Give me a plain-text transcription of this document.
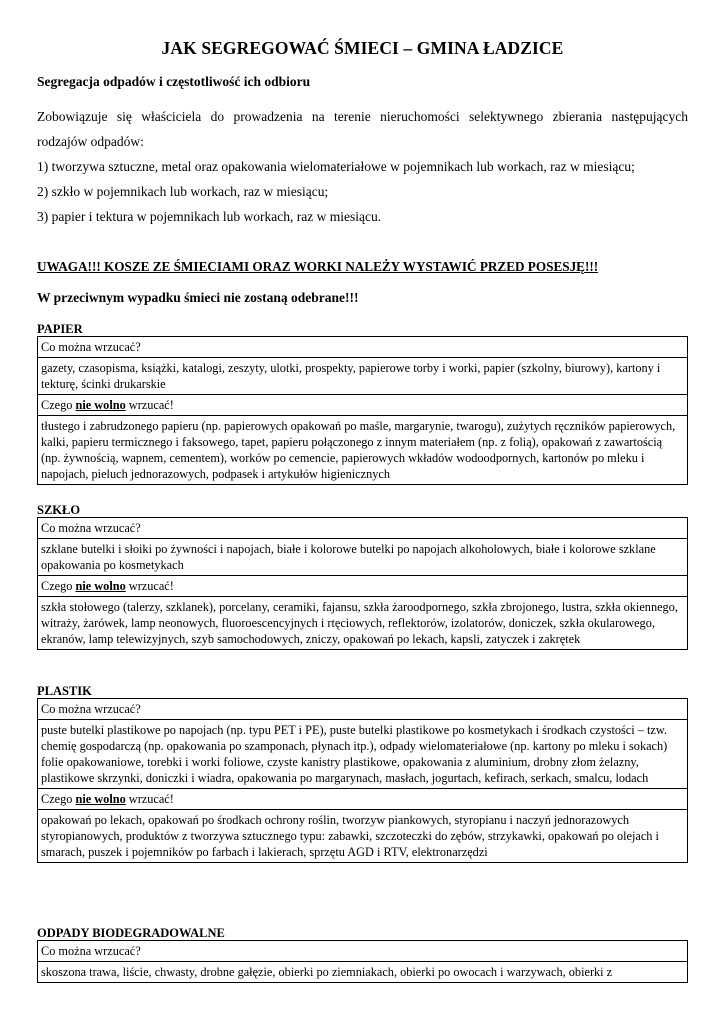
JAK SEGREGOWAĆ ŚMIECI – GMINA ŁADZICE
Segregacja odpadów i częstotliwość ich odbioru

Zobowiązuje się właściciela do prowadzenia na terenie nieruchomości selektywnego zbierania następujących

rodzajów odpadów:

1) tworzywa sztuczne, metal oraz opakowania wielomateriałowe w pojemnikach lub workach, raz w miesiącu;

2) szkło w pojemnikach lub workach, raz w miesiącu;

3) papier i tektura w pojemnikach lub workach, raz w miesiącu.

UWAGA!!! KOSZE ZE ŚMIECIAMI ORAZ WORKI NALEŻY WYSTAWIĆ PRZED POSESJĘ!!!
W przeciwnym wypadku śmieci nie zostaną odebrane!!!
PAPIER
Co można wrzucać?
gazety, czasopisma, książki, katalogi, zeszyty, ulotki, prospekty, papierowe torby i worki, papier (szkolny, biurowy), kartony i tekturę, ścinki drukarskie
Czego nie wolno wrzucać!
tłustego i zabrudzonego papieru (np. papierowych opakowań po maśle, margarynie, twarogu), zużytych ręczników papierowych, kalki, papieru termicznego i faksowego, tapet, papieru połączonego z innym materiałem (np. z folią), opakowań z zawartością (np. żywnością, wapnem, cementem), worków po cemencie, papierowych wkładów wodoodpornych, kartonów po mleku i napojach, pieluch jednorazowych, podpasek i artykułów higienicznych
SZKŁO
Co można wrzucać?
szklane butelki i słoiki po żywności i napojach, białe i kolorowe butelki po napojach alkoholowych, białe i kolorowe szklane opakowania po kosmetykach
Czego nie wolno wrzucać!
szkła stołowego (talerzy, szklanek), porcelany, ceramiki, fajansu, szkła żaroodpornego, szkła zbrojonego, lustra, szkła okiennego, witraży, żarówek, lamp neonowych, fluoroescencyjnych i rtęciowych, reflektorów, izolatorów, doniczek, szkła okularowego, ekranów, lamp telewizyjnych, szyb samochodowych, zniczy, opakowań po lekach, kapsli, zatyczek i zakrętek
PLASTIK
Co można wrzucać?
puste butelki plastikowe po napojach (np. typu PET i PE), puste butelki plastikowe po kosmetykach i środkach czystości – tzw. chemię gospodarczą (np. opakowania po szamponach, płynach itp.), odpady wielomateriałowe (np. kartony po mleku i sokach) folie opakowaniowe, torebki i worki foliowe, czyste kanistry plastikowe, opakowania z aluminium, drobny złom żelazny, plastikowe skrzynki, doniczki i wiadra, opakowania po margarynach, masłach, jogurtach, kefirach, serkach, smalcu, lodach
Czego nie wolno wrzucać!
opakowań po lekach, opakowań po środkach ochrony roślin, tworzyw piankowych, styropianu i naczyń jednorazowych styropianowych, produktów z tworzywa sztucznego typu: zabawki, szczoteczki do zębów, strzykawki, opakowań po olejach i smarach, puszek i pojemników po farbach i lakierach, sprzętu AGD i RTV, elektronarzędzi
ODPADY BIODEGRADOWALNE
Co można wrzucać?
skoszona trawa, liście, chwasty, drobne gałęzie, obierki po ziemniakach, obierki po owocach i warzywach, obierki z
